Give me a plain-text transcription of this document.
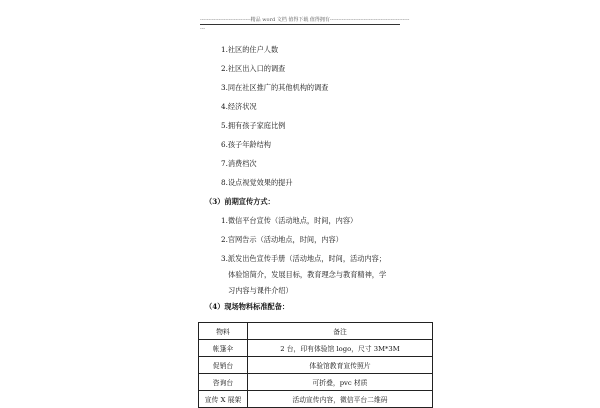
------------------------------精品 word 文档 值得下载 值得拥有-----------------------------------------------
---
1.社区的住户人数
2.社区出入口的调查
3.同在社区推广的其他机构的调查
4.经济状况
5.拥有孩子家庭比例
6.孩子年龄结构
7.消费档次
8.设点视觉效果的提升
（3）前期宣传方式：
1.微信平台宣传（活动地点，时间，内容）
2.官网告示（活动地点，时间，内容）
3.派发出色宣传手册（活动地点，时间，活动内容；
体验馆简介，发展目标，教育理念与教育精神，学
习内容与课件介绍）
（4）现场物料标准配备：
物料	备注
帐篷伞	2 台，印有体验馆 logo，尺寸 3M*3M
促销台	体验馆教育宣传照片
咨询台	可折叠，pvc 材质
宣传 X 展架	活动宣传内容，微信平台二维码
